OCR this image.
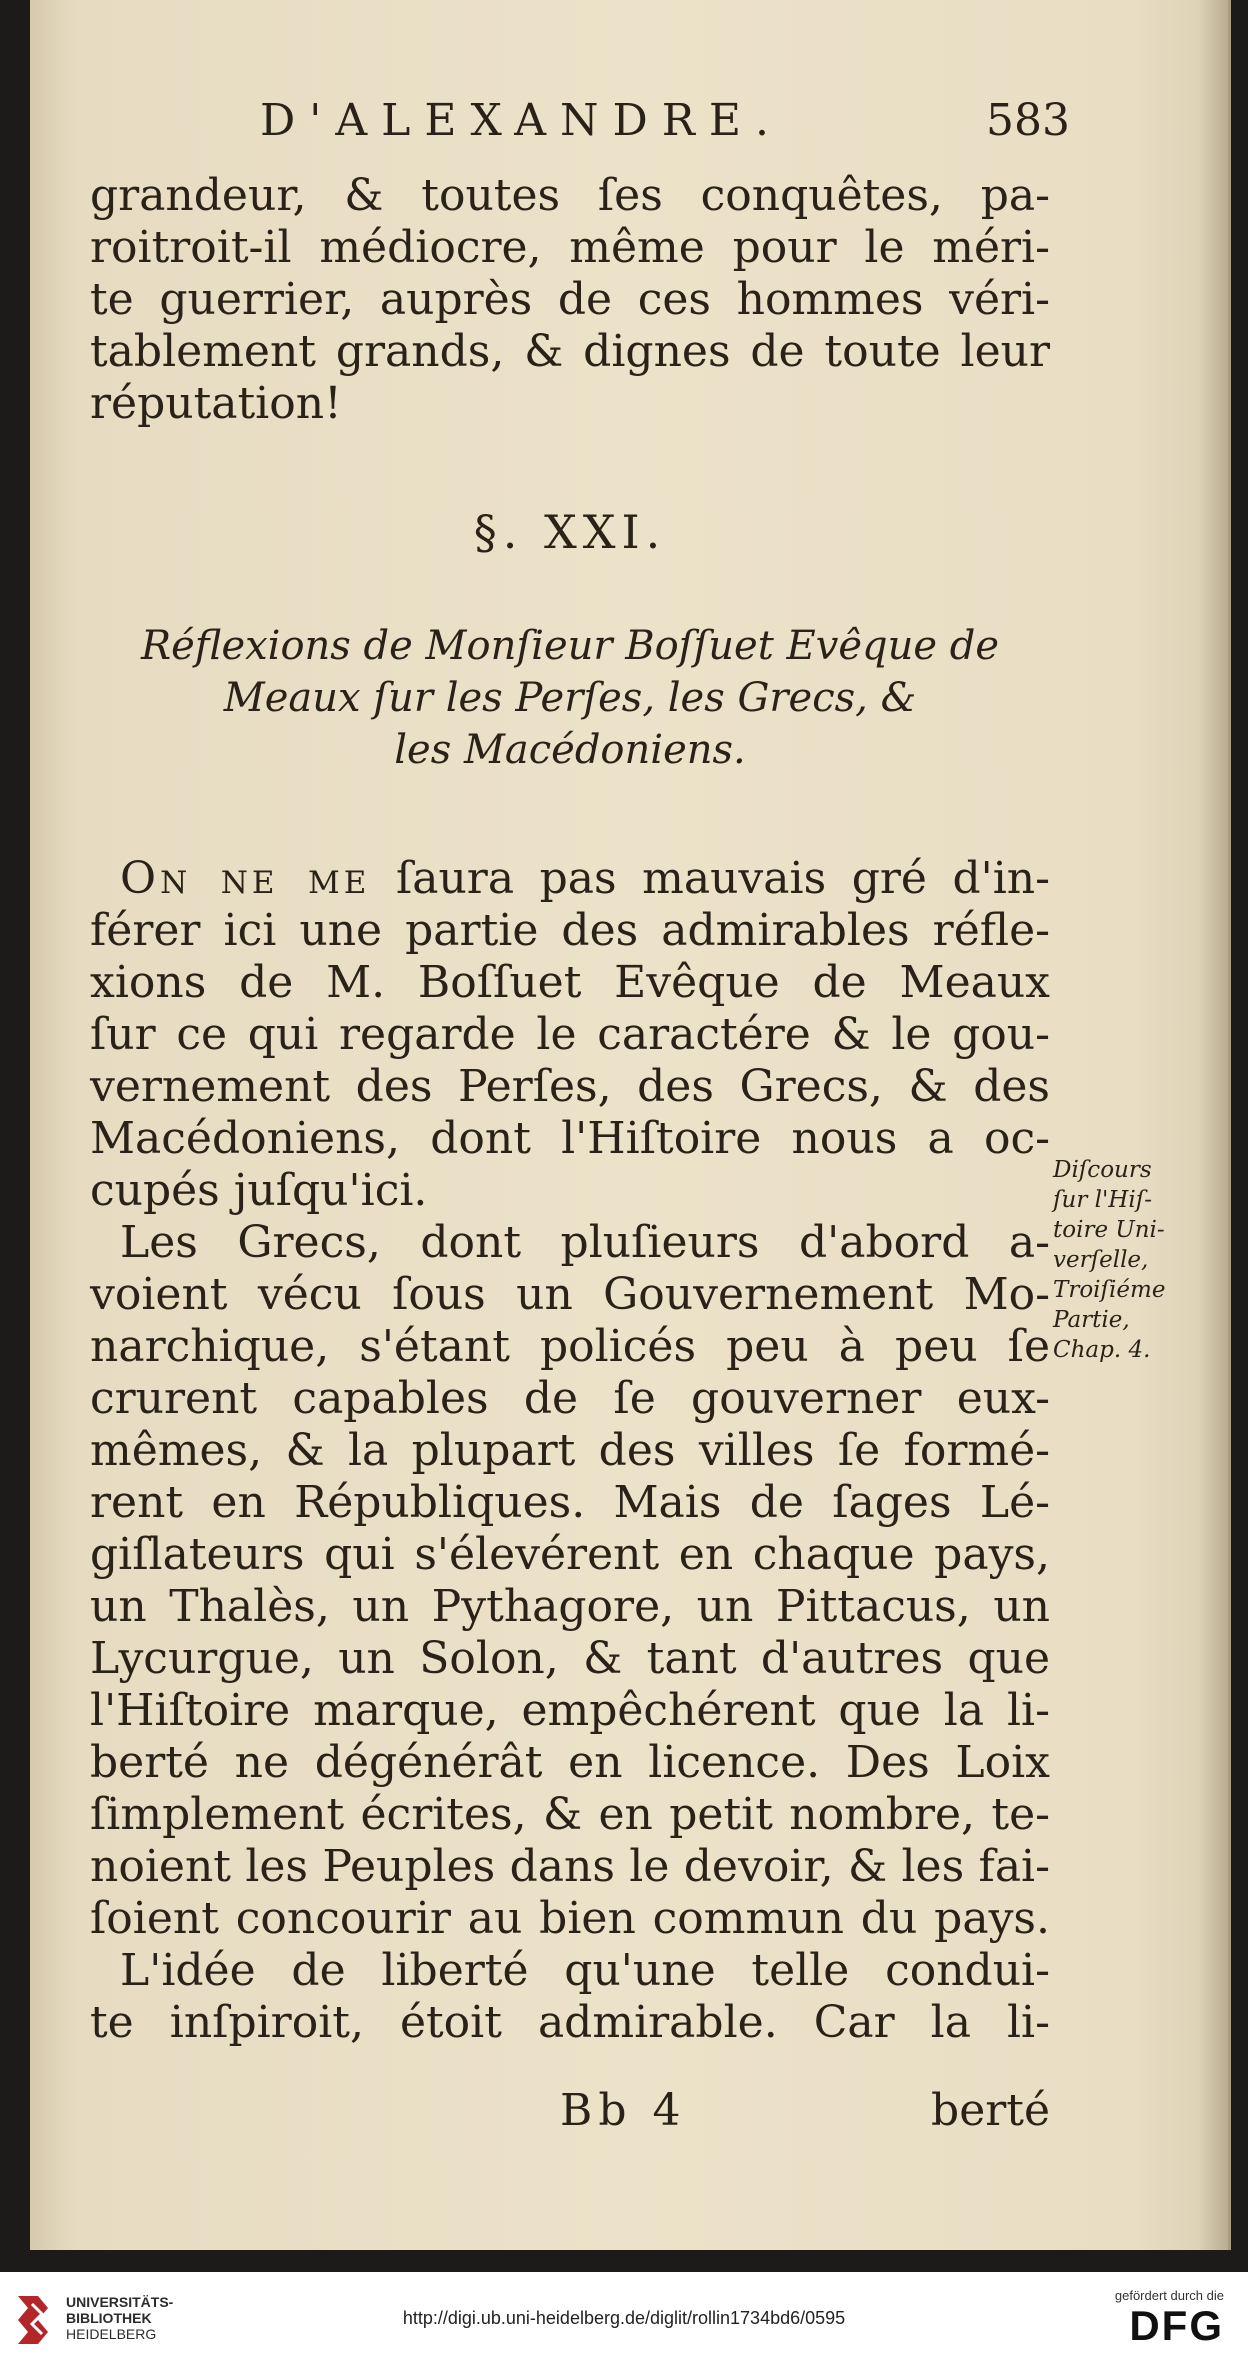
D'ALEXANDRE.	583
grandeur, & toutes ſes conquêtes, pa-
roitroit-il médiocre, même pour le méri-
te guerrier, auprès de ces hommes véri-
tablement grands, & dignes de toute leur
réputation!
§. XXI.
Réflexions de Monſieur Boſſuet Evêque de
Meaux ſur les Perſes, les Grecs, &
les Macédoniens.
On ne me ſaura pas mauvais gré d'in-
férer ici une partie des admirables réfle-
xions de M. Boſſuet Evêque de Meaux
ſur ce qui regarde le caractére & le gou-
vernement des Perſes, des Grecs, & des
Macédoniens, dont l'Hiſtoire nous a oc-
cupés juſqu'ici.
Les Grecs, dont pluſieurs d'abord a-
voient vécu ſous un Gouvernement Mo-
narchique, s'étant policés peu à peu ſe
crurent capables de ſe gouverner eux-
mêmes, & la plupart des villes ſe formé-
rent en Républiques. Mais de ſages Lé-
giſlateurs qui s'élevérent en chaque pays,
un Thalès, un Pythagore, un Pittacus, un
Lycurgue, un Solon, & tant d'autres que
l'Hiſtoire marque, empêchérent que la li-
berté ne dégénérât en licence. Des Loix
ſimplement écrites, & en petit nombre, te-
noient les Peuples dans le devoir, & les fai-
ſoient concourir au bien commun du pays.
L'idée de liberté qu'une telle condui-
te inſpiroit, étoit admirable. Car la li-
Bb 4	berté
Diſcours
ſur l'Hiſ-
toire Uni-
verſelle,
Troiſiéme
Partie,
Chap. 4.
UNIVERSITÄTS-
BIBLIOTHEK
HEIDELBERG
http://digi.ub.uni-heidelberg.de/diglit/rollin1734bd6/0595
gefördert durch die
DFG
